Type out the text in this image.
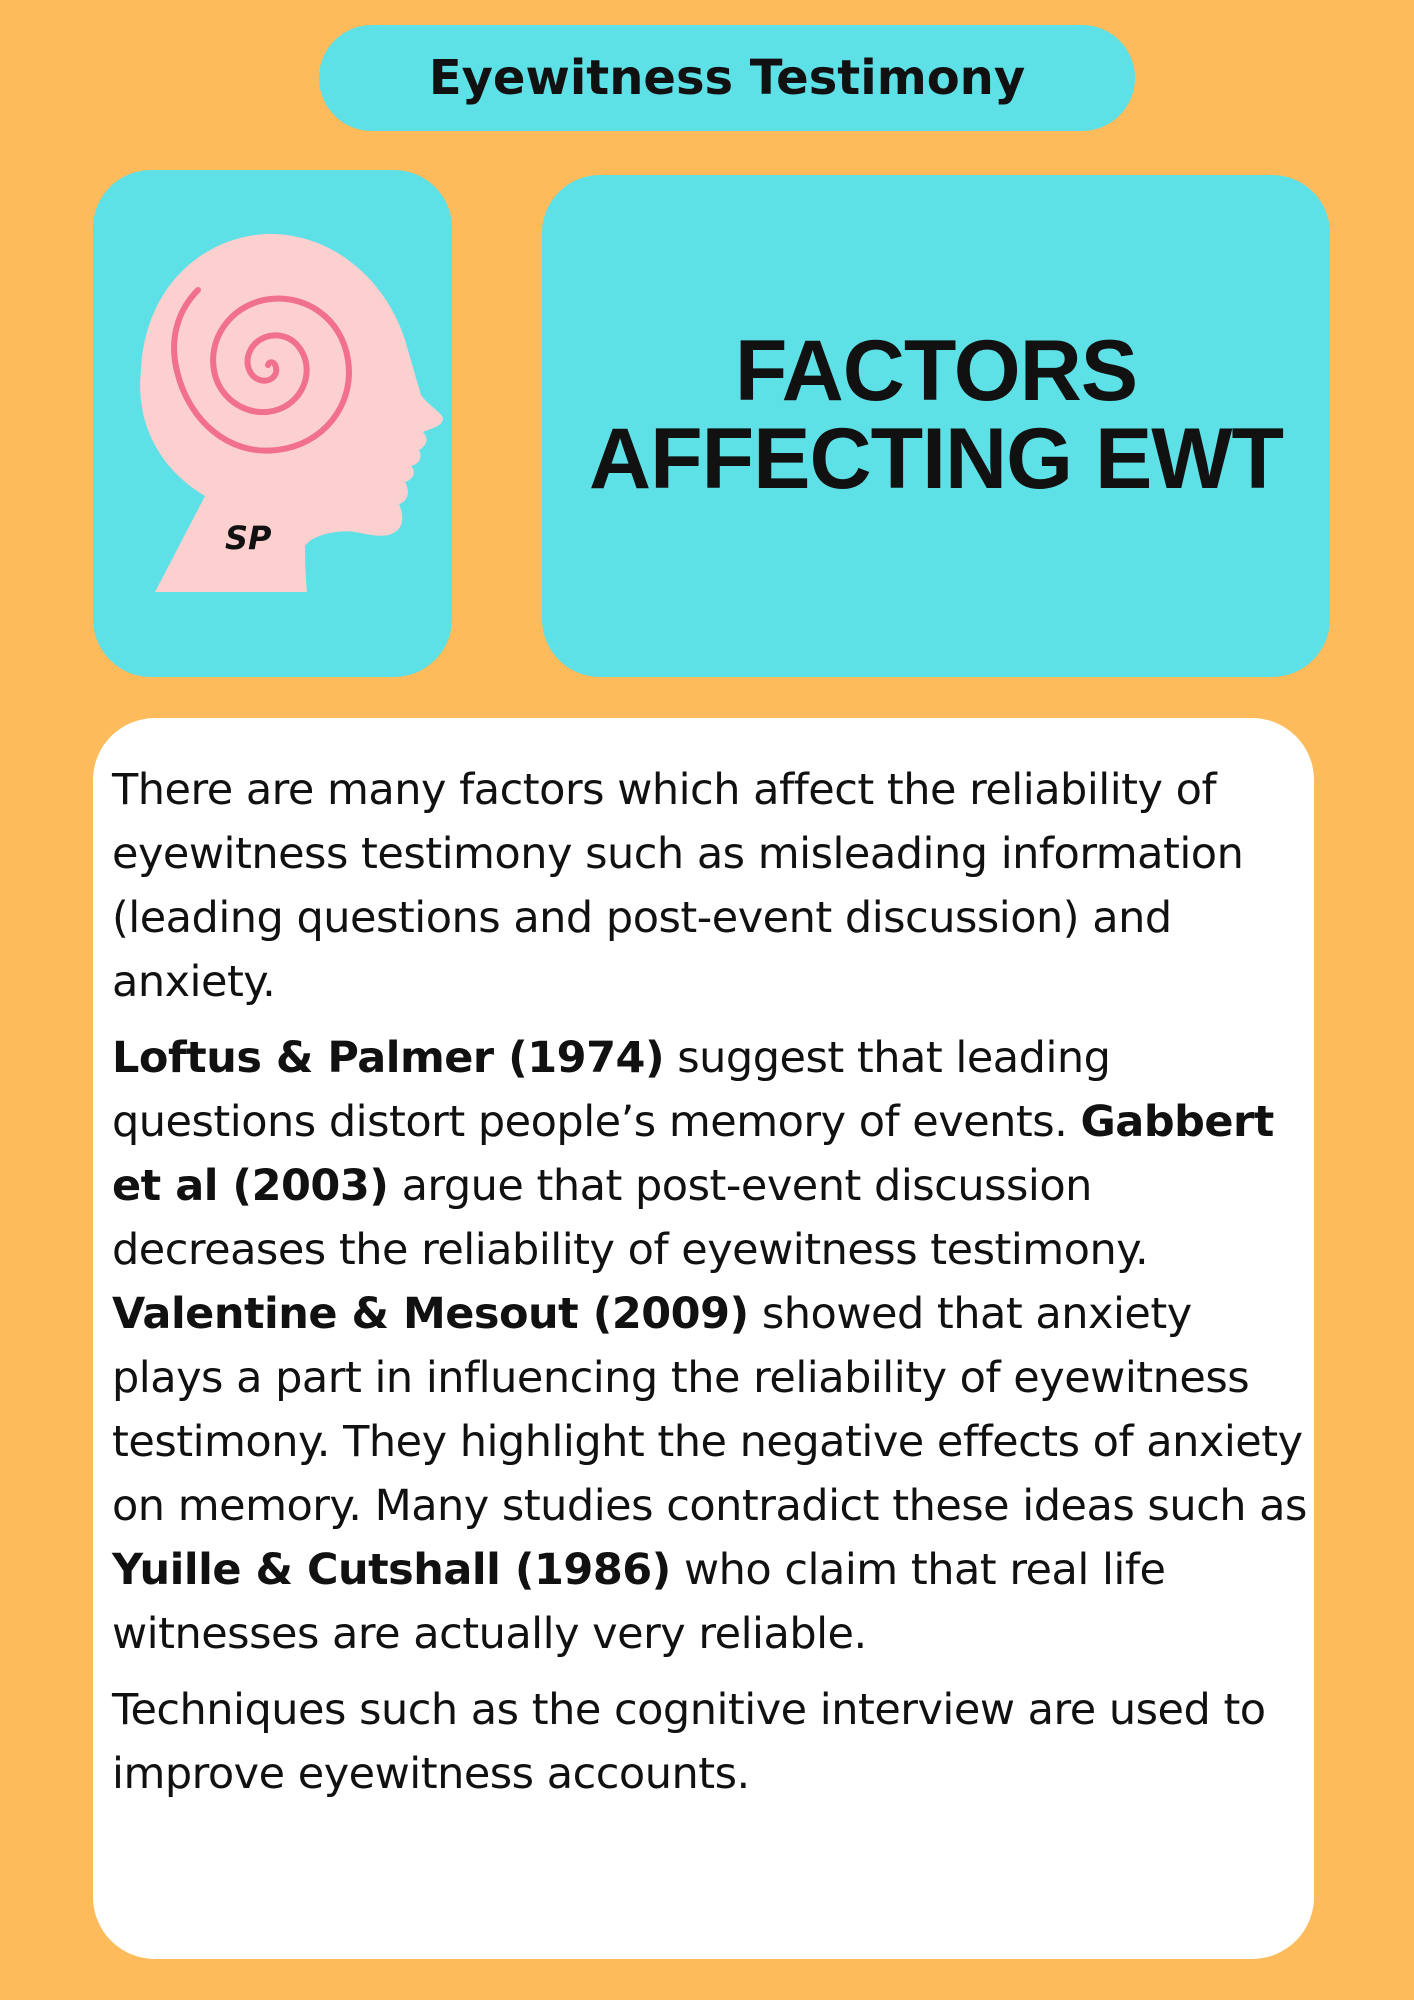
Eyewitness Testimony
SP
FACTORS
AFFECTING EWT

There are many factors which affect the reliability of eyewitness testimony such as misleading information (leading questions and post-event discussion) and anxiety.

Loftus & Palmer (1974) suggest that leading questions distort people’s memory of events. Gabbert et al (2003) argue that post-event discussion decreases the reliability of eyewitness testimony. Valentine & Mesout (2009) showed that anxiety plays a part in influencing the reliability of eyewitness testimony. They highlight the negative effects of anxiety on memory. Many studies contradict these ideas such as Yuille & Cutshall (1986) who claim that real life witnesses are actually very reliable.

Techniques such as the cognitive interview are used to improve eyewitness accounts.
